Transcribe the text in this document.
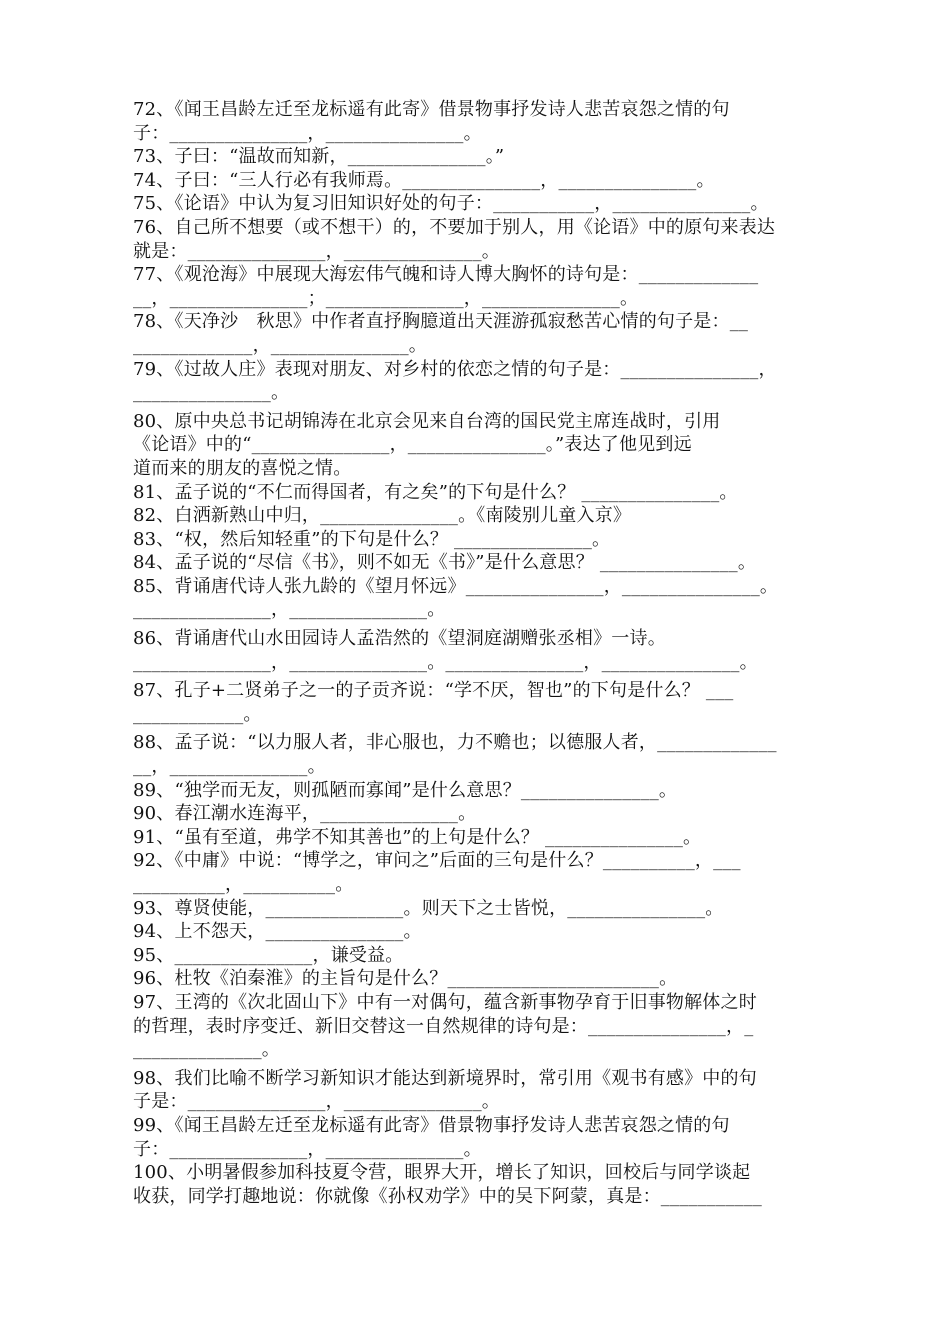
72、《闻王昌龄左迁至龙标遥有此寄》借景物事抒发诗人悲苦哀怨之情的句
子：_______________，_______________。
73、子曰：“温故而知新，_______________。”
74、子曰：“三人行必有我师焉。_______________，_______________。
75、《论语》中认为复习旧知识好处的句子：___________，_______________。
76、自己所不想要（或不想干）的，不要加于别人，用《论语》中的原句来表达
就是：_______________，_______________。
77、《观沧海》中展现大海宏伟气魄和诗人博大胸怀的诗句是：_____________
__，_______________；_______________，_______________。
78、《天净沙　秋思》中作者直抒胸臆道出天涯游孤寂愁苦心情的句子是：__
_____________，_______________。
79、《过故人庄》表现对朋友、对乡村的依恋之情的句子是：_______________，
_______________。
80、原中央总书记胡锦涛在北京会见来自台湾的国民党主席连战时，引用
《论语》中的“_______________，_______________。”表达了他见到远
道而来的朋友的喜悦之情。
81、孟子说的“不仁而得国者，有之矣”的下句是什么？ _______________。
82、白洒新熟山中归，_______________。《南陵别儿童入京》
83、“权，然后知轻重”的下句是什么？ _______________。
84、孟子说的“尽信《书》，则不如无《书》”是什么意思？ _______________。
85、背诵唐代诗人张九龄的《望月怀远》_______________，_______________。
_______________，_______________。
86、背诵唐代山水田园诗人孟浩然的《望洞庭湖赠张丞相》一诗。
_______________，_______________。_______________，_______________。
87、孔子+二贤弟子之一的子贡齐说：“学不厌，智也”的下句是什么？ ___
____________。
88、孟子说：“以力服人者，非心服也，力不赡也；以德服人者，_____________
__，_______________。
89、“独学而无友，则孤陋而寡闻”是什么意思？_______________。
90、春江潮水连海平，_______________。
91、“虽有至道，弗学不知其善也”的上句是什么？ _______________。
92、《中庸》中说：“博学之，审问之”后面的三句是什么？__________，___
__________，__________。
93、尊贤使能，_______________。则天下之士皆悦，_______________。
94、上不怨天，_______________。
95、_______________，谦受益。
96、杜牧《泊秦淮》的主旨句是什么？_______________________。
97、王湾的《次北固山下》中有一对偶句，蕴含新事物孕育于旧事物解体之时
的哲理，表时序变迁、新旧交替这一自然规律的诗句是：_______________，_
______________。
98、我们比喻不断学习新知识才能达到新境界时，常引用《观书有感》中的句
子是：_______________，_______________。
99、《闻王昌龄左迁至龙标遥有此寄》借景物事抒发诗人悲苦哀怨之情的句
子：_______________，_______________。
100、小明暑假参加科技夏令营，眼界大开，增长了知识，回校后与同学谈起
收获，同学打趣地说：你就像《孙权劝学》中的吴下阿蒙，真是：___________
